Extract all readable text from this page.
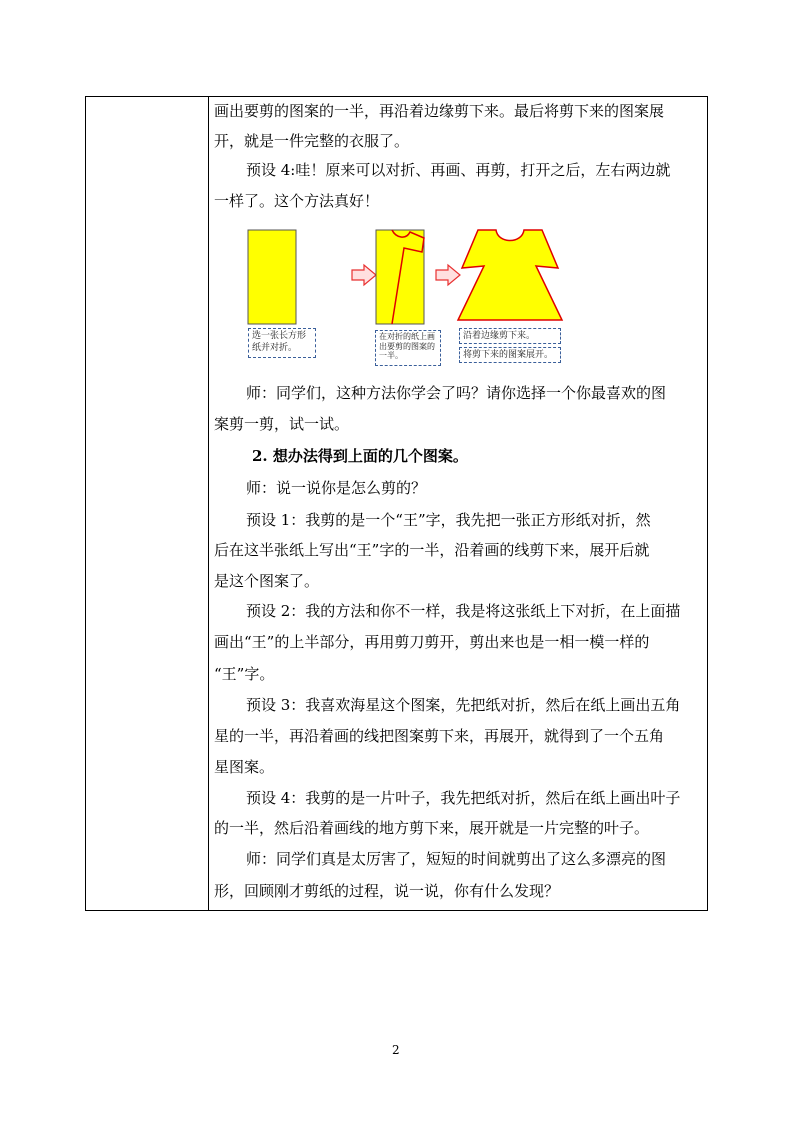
画出要剪的图案的一半，再沿着边缘剪下来。最后将剪下来的图案展
开，就是一件完整的衣服了。
预设 4:哇！原来可以对折、再画、再剪，打开之后，左右两边就
一样了。这个方法真好！
师：同学们，这种方法你学会了吗？请你选择一个你最喜欢的图
案剪一剪，试一试。
2. 想办法得到上面的几个图案。
师：说一说你是怎么剪的？
预设 1：我剪的是一个“王”字，我先把一张正方形纸对折，然
后在这半张纸上写出“王”字的一半，沿着画的线剪下来，展开后就
是这个图案了。
预设 2：我的方法和你不一样，我是将这张纸上下对折，在上面描
画出“王”的上半部分，再用剪刀剪开，剪出来也是一相一模一样的
“王”字。
预设 3：我喜欢海星这个图案，先把纸对折，然后在纸上画出五角
星的一半，再沿着画的线把图案剪下来，再展开，就得到了一个五角
星图案。
预设 4：我剪的是一片叶子，我先把纸对折，然后在纸上画出叶子
的一半，然后沿着画线的地方剪下来，展开就是一片完整的叶子。
师：同学们真是太厉害了，短短的时间就剪出了这么多漂亮的图
形，回顾刚才剪纸的过程，说一说，你有什么发现？
选一张长方形纸并对折。
在对折的纸上画出要剪的图案的一半。
沿着边缘剪下来。
将剪下来的图案展开。
2
